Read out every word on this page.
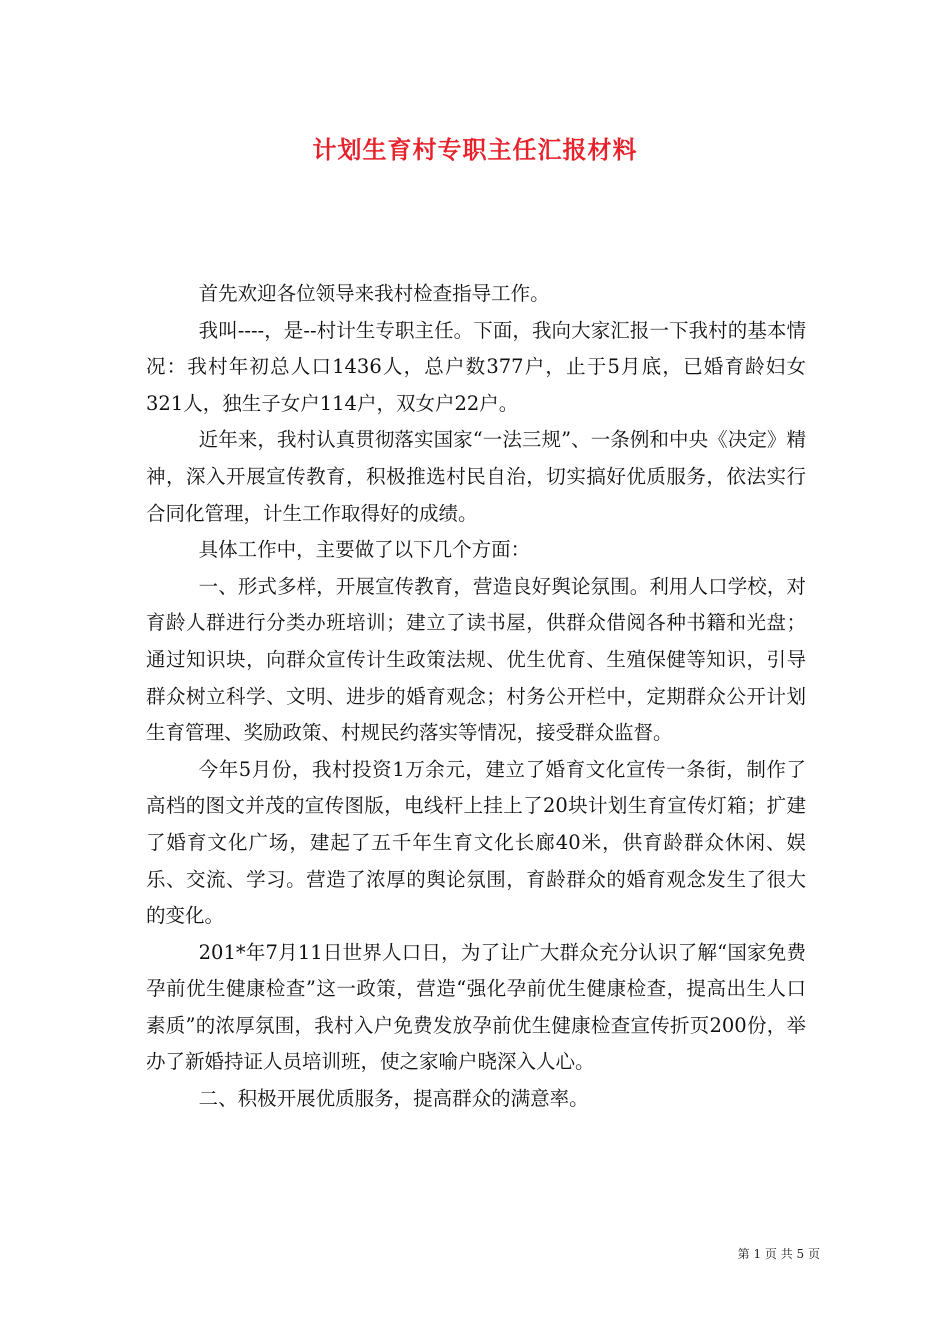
计划生育村专职主任汇报材料

首先欢迎各位领导来我村检查指导工作。

我叫----，是--村计生专职主任。下面，我向大家汇报一下我村的基本情况：我村年初总人口1436人，总户数377户，止于5月底，已婚育龄妇女321人，独生子女户114户，双女户22户。

近年来，我村认真贯彻落实国家“一法三规”、一条例和中央《决定》精神，深入开展宣传教育，积极推选村民自治，切实搞好优质服务，依法实行合同化管理，计生工作取得好的成绩。

具体工作中，主要做了以下几个方面：

一、形式多样，开展宣传教育，营造良好舆论氛围。利用人口学校，对育龄人群进行分类办班培训；建立了读书屋，供群众借阅各种书籍和光盘；通过知识块，向群众宣传计生政策法规、优生优育、生殖保健等知识，引导群众树立科学、文明、进步的婚育观念；村务公开栏中，定期群众公开计划生育管理、奖励政策、村规民约落实等情况，接受群众监督。

今年5月份，我村投资1万余元，建立了婚育文化宣传一条街，制作了高档的图文并茂的宣传图版，电线杆上挂上了20块计划生育宣传灯箱；扩建了婚育文化广场，建起了五千年生育文化长廊40米，供育龄群众休闲、娱乐、交流、学习。营造了浓厚的舆论氛围，育龄群众的婚育观念发生了很大的变化。

201*年7月11日世界人口日，为了让广大群众充分认识了解“国家免费孕前优生健康检查”这一政策，营造“强化孕前优生健康检查，提高出生人口素质”的浓厚氛围，我村入户免费发放孕前优生健康检查宣传折页200份，举办了新婚持证人员培训班，使之家喻户晓深入人心。

二、积极开展优质服务，提高群众的满意率。

第 1 页 共 5 页
